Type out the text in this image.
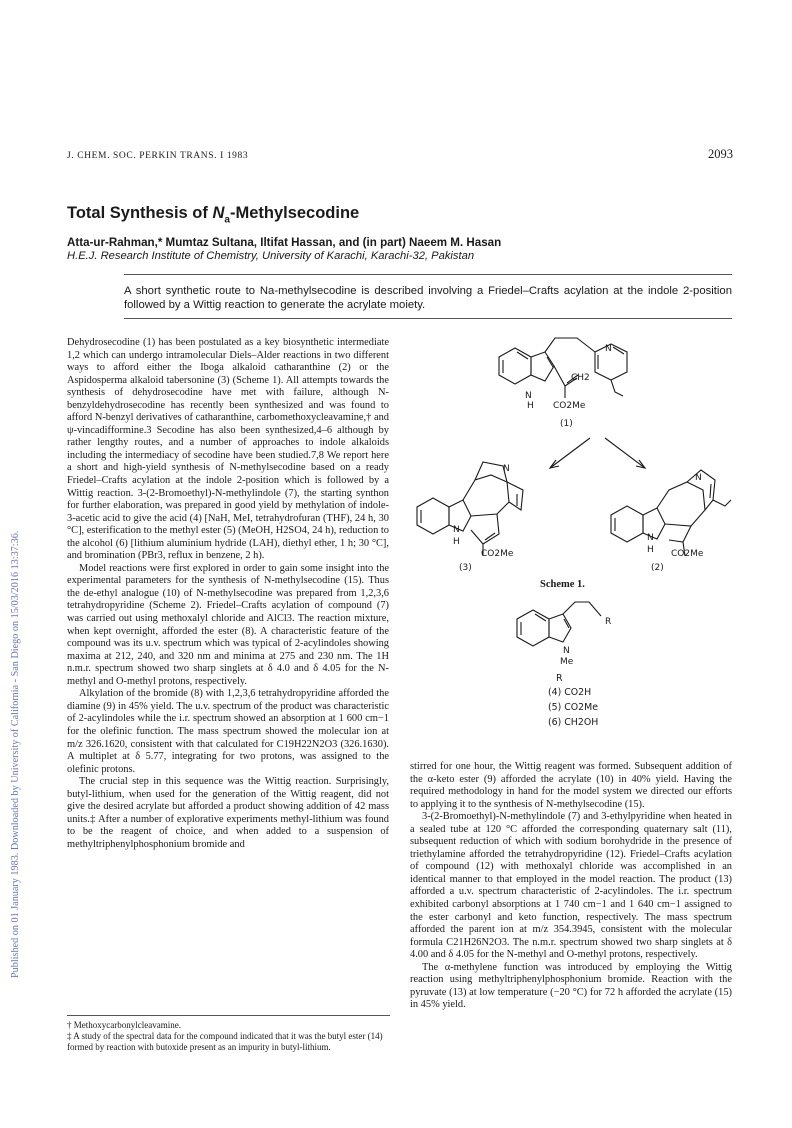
Published on 01 January 1983. Downloaded by University of California - San Diego on 15/03/2016 13:37:36.
J. CHEM. SOC. PERKIN TRANS. I 1983	2093
Total Synthesis of $N_a$-Methylsecodine
Atta-ur-Rahman,* Mumtaz Sultana, Iltifat Hassan, and (in part) Naeem M. Hasan
H.E.J. Research Institute of Chemistry, University of Karachi, Karachi-32, Pakistan
A short synthetic route to Na-methylsecodine is described involving a Friedel–Crafts acylation at the indole 2-position followed by a Wittig reaction to generate the acrylate moiety.

Dehydrosecodine (1) has been postulated as a key biosynthetic intermediate 1,2 which can undergo intramolecular Diels–Alder reactions in two different ways to afford either the Iboga alkaloid catharanthine (2) or the Aspidosperma alkaloid tabersonine (3) (Scheme 1). All attempts towards the synthesis of dehydrosecodine have met with failure, although N-benzyldehydrosecodine has recently been synthesized and was found to afford N-benzyl derivatives of catharanthine, carbomethoxycleavamine,† and ψ-vincadifformine.3 Secodine has also been synthesized,4–6 although by rather lengthy routes, and a number of approaches to indole alkaloids including the intermediacy of secodine have been studied.7,8 We report here a short and high-yield synthesis of N-methylsecodine based on a ready Friedel–Crafts acylation at the indole 2-position which is followed by a Wittig reaction. 3-(2-Bromoethyl)-N-methylindole (7), the starting synthon for further elaboration, was prepared in good yield by methylation of indole-3-acetic acid to give the acid (4) [NaH, MeI, tetrahydrofuran (THF), 24 h, 30 °C], esterification to the methyl ester (5) (MeOH, H2SO4, 24 h), reduction to the alcohol (6) [lithium aluminium hydride (LAH), diethyl ether, 1 h; 30 °C], and bromination (PBr3, reflux in benzene, 2 h).

Model reactions were first explored in order to gain some insight into the experimental parameters for the synthesis of N-methylsecodine (15). Thus the de-ethyl analogue (10) of N-methylsecodine was prepared from 1,2,3,6 tetrahydropyridine (Scheme 2). Friedel–Crafts acylation of compound (7) was carried out using methoxalyl chloride and AlCl3. The reaction mixture, when kept overnight, afforded the ester (8). A characteristic feature of the compound was its u.v. spectrum which was typical of 2-acylindoles showing maxima at 212, 240, and 320 nm and minima at 275 and 230 nm. The 1H n.m.r. spectrum showed two sharp singlets at δ 4.0 and δ 4.05 for the N-methyl and O-methyl protons, respectively.

Alkylation of the bromide (8) with 1,2,3,6 tetrahydropyridine afforded the diamine (9) in 45% yield. The u.v. spectrum of the product was characteristic of 2-acylindoles while the i.r. spectrum showed an absorption at 1 600 cm−1 for the olefinic function. The mass spectrum showed the molecular ion at m/z 326.1620, consistent with that calculated for C19H22N2O3 (326.1630). A multiplet at δ 5.77, integrating for two protons, was assigned to the olefinic protons.

The crucial step in this sequence was the Wittig reaction. Surprisingly, butyl-lithium, when used for the generation of the Wittig reagent, did not give the desired acrylate but afforded a product showing addition of 42 mass units.‡ After a number of explorative experiments methyl-lithium was found to be the reagent of choice, and when added to a suspension of methyltriphenylphosphonium bromide and

† Methoxycarbonylcleavamine.

‡ A study of the spectral data for the compound indicated that it was the butyl ester (14) formed by reaction with butoxide present as an impurity in butyl-lithium.

stirred for one hour, the Wittig reagent was formed. Subsequent addition of the α-keto ester (9) afforded the acrylate (10) in 40% yield. Having the required methodology in hand for the model system we directed our efforts to applying it to the synthesis of N-methylsecodine (15).

3-(2-Bromoethyl)-N-methylindole (7) and 3-ethylpyridine when heated in a sealed tube at 120 °C afforded the corresponding quaternary salt (11), subsequent reduction of which with sodium borohydride in the presence of triethylamine afforded the tetrahydropyridine (12). Friedel–Crafts acylation of compound (12) with methoxalyl chloride was accomplished in an identical manner to that employed in the model reaction. The product (13) afforded a u.v. spectrum characteristic of 2-acylindoles. The i.r. spectrum exhibited carbonyl absorptions at 1 740 cm−1 and 1 640 cm−1 assigned to the ester carbonyl and keto function, respectively. The mass spectrum afforded the parent ion at m/z 354.3945, consistent with the molecular formula C21H26N2O3. The n.m.r. spectrum showed two sharp singlets at δ 4.00 and δ 4.05 for the N-methyl and O-methyl protons, respectively.

The α-methylene function was introduced by employing the Wittig reaction using methyltriphenylphosphonium bromide. Reaction with the pyruvate (13) at low temperature (−20 °C) for 72 h afforded the acrylate (15) in 45% yield.

N
H
CH2
CO2Me
N
(1)
N
H
N
CO2Me
(3)
N
H
N
CO2Me
(2)
Scheme 1.
N
R
Me
R
(4) CO2H
(5) CO2Me
(6) CH2OH
